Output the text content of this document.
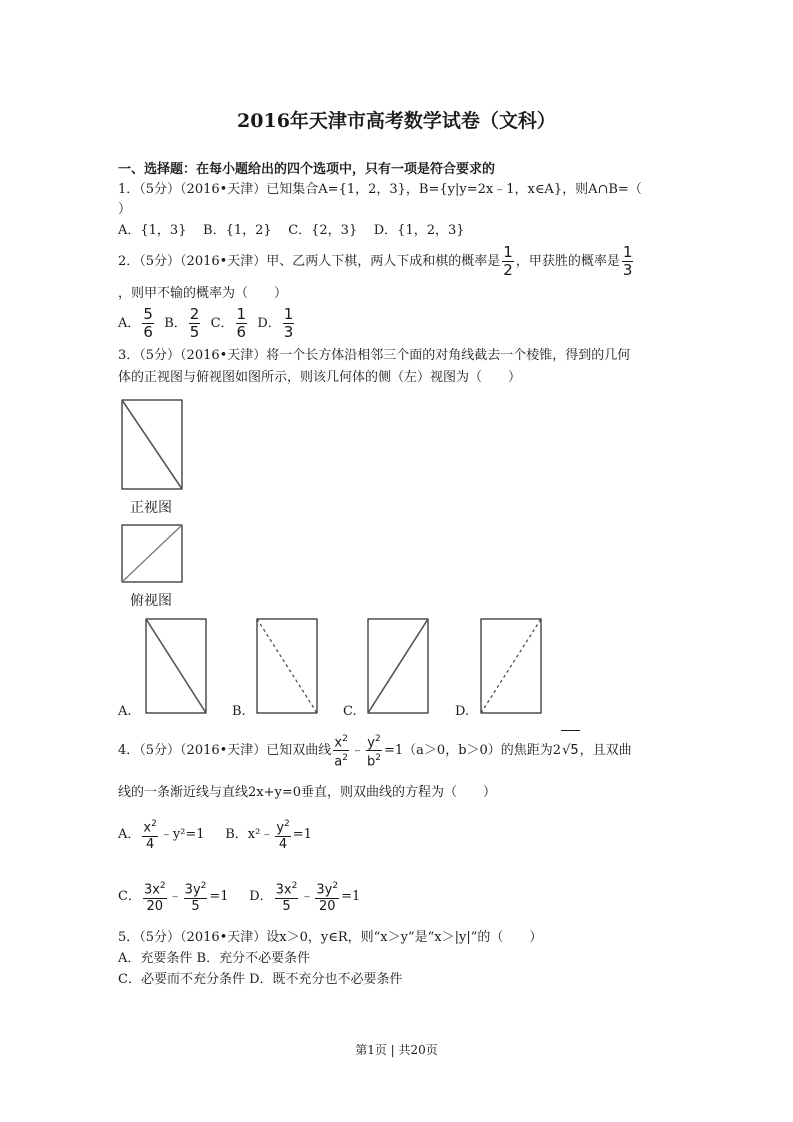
2016年天津市高考数学试卷（文科）
一、选择题：在每小题给出的四个选项中，只有一项是符合要求的
1．（5分）（2016•天津）已知集合A={1，2，3}，B={y|y=2x﹣1，x∈A}，则A∩B=（
）
A．{1，3} B．{1，2} C．{2，3} D．{1，2，3}
2．（5分）（2016•天津）甲、乙两人下棋，两人下成和棋的概率是 $\frac{1}{2}$ ，甲获胜的概率是 $\frac{1}{3}$
，则甲不输的概率为（　　）
A． $\frac{5}{6}$ B． $\frac{2}{5}$ C． $\frac{1}{6}$ D． $\frac{1}{3}$
3．（5分）（2016•天津）将一个长方体沿相邻三个面的对角线截去一个棱锥，得到的几何
体的正视图与俯视图如图所示，则该几何体的侧（左）视图为（　　）
正视图
俯视图
A.	B.	C.	D.
4．（5分）（2016•天津）已知双曲线 $\frac{x^2}{a^2}$ ﹣ $\frac{y^2}{b^2} =1(a>0$，b＞0）的焦距为2√5，且双曲
线的一条渐近线与直线2x+y=0垂直，则双曲线的方程为（　　）
A． $\frac{x^2}{4}$ ﹣y²=1 B．x²﹣ $\frac{y^2}{4} =1$
C． $\frac{3x^2}{20}$ ﹣ $\frac{3y^2}{5} =1$ D． $\frac{3x^2}{5}$ ﹣ $\frac{3y^2}{20} =1$
5．（5分）（2016•天津）设x＞0，y∈R，则“x＞y”是“x＞|y|”的（　　）
A．充要条件 B．充分不必要条件
C．必要而不充分条件 D．既不充分也不必要条件
第1页 | 共20页
